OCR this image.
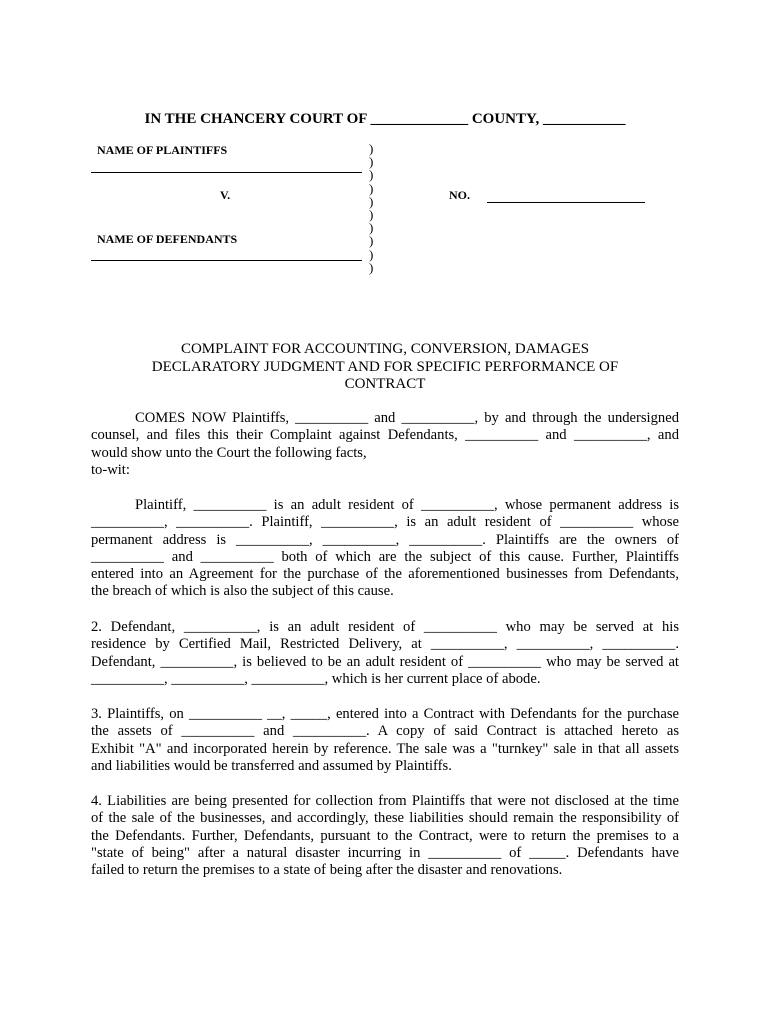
IN THE CHANCERY COURT OF _____________ COUNTY, ___________
NAME OF PLAINTIFFS
V.
NAME OF DEFENDANTS
)
)
)
)
)
)
)
)
)
)
NO.
COMPLAINT FOR ACCOUNTING, CONVERSION, DAMAGES
DECLARATORY JUDGMENT AND FOR SPECIFIC PERFORMANCE OF
CONTRACT
COMES NOW Plaintiffs, __________ and __________, by and through the undersigned
counsel, and files this their Complaint against Defendants, __________ and __________, and
would show unto the Court the following facts,
to-wit:
Plaintiff, __________ is an adult resident of __________, whose permanent address is
__________, __________. Plaintiff, __________, is an adult resident of __________ whose
permanent address is __________, __________, __________. Plaintiffs are the owners of
__________ and __________ both of which are the subject of this cause. Further, Plaintiffs
entered into an Agreement for the purchase of the aforementioned businesses from Defendants,
the breach of which is also the subject of this cause.
2. Defendant, __________, is an adult resident of __________ who may be served at his
residence by Certified Mail, Restricted Delivery, at __________, __________, __________.
Defendant, __________, is believed to be an adult resident of __________ who may be served at
__________, __________, __________, which is her current place of abode.
3. Plaintiffs, on __________ __, _____, entered into a Contract with Defendants for the purchase
the assets of __________ and __________. A copy of said Contract is attached hereto as
Exhibit "A" and incorporated herein by reference. The sale was a "turnkey" sale in that all assets
and liabilities would be transferred and assumed by Plaintiffs.
4. Liabilities are being presented for collection from Plaintiffs that were not disclosed at the time
of the sale of the businesses, and accordingly, these liabilities should remain the responsibility of
the Defendants. Further, Defendants, pursuant to the Contract, were to return the premises to a
"state of being" after a natural disaster incurring in __________ of _____. Defendants have
failed to return the premises to a state of being after the disaster and renovations.
